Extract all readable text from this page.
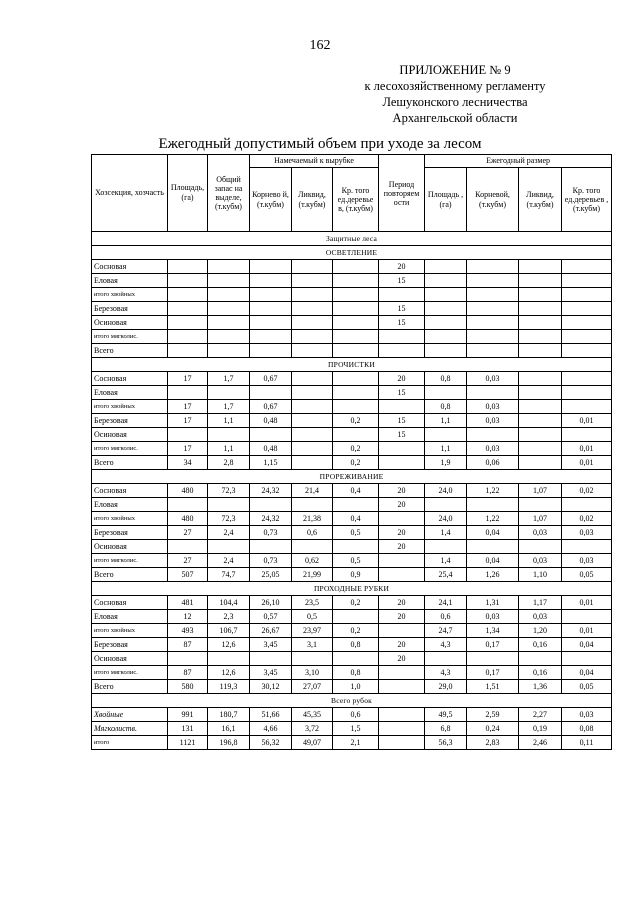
162
ПРИЛОЖЕНИЕ № 9
к лесохозяйственному регламенту
Лешуконского лесничества
Архангельской области
Ежегодный допустимый объем при уходе за лесом
Хозсекция, хозчасть	Площадь, (га)	Общий запас на выделе, (т.кубм)	Намечаемый к вырубке			Период повторяем ости	Ежегодный размер			
			Корнево й, (т.кубм)	Ликвид, (т.кубм)	Кр. того ед.деревье в, (т.кубм)		Площадь , (га)	Корневой, (т.кубм)	Ликвид, (т.кубм)	Кр. того ед.деревьев , (т.кубм)
Защитные леса										
ОСВЕТЛЕНИЕ										
Сосновая						20				
Еловая						15				
итого хвойных										
Березовая						15				
Осиновая						15				
итого мягколис.										
Всего										
ПРОЧИСТКИ										
Сосновая	17	1,7	0,67			20	0,8	0,03		
Еловая						15				
итого хвойных	17	1,7	0,67				0,8	0,03		
Березовая	17	1,1	0,48		0,2	15	1,1	0,03		0,01
Осиновая						15				
итого мягколис.	17	1,1	0,48		0,2		1,1	0,03		0,01
Всего	34	2,8	1,15		0,2		1,9	0,06		0,01
ПРОРЕЖИВАНИЕ										
Сосновая	480	72,3	24,32	21,4	0,4	20	24,0	1,22	1,07	0,02
Еловая						20				
итого хвойных	480	72,3	24,32	21,38	0,4		24,0	1,22	1,07	0,02
Березовая	27	2,4	0,73	0,6	0,5	20	1,4	0,04	0,03	0,03
Осиновая						20				
итого мягколис.	27	2,4	0,73	0,62	0,5		1,4	0,04	0,03	0,03
Всего	507	74,7	25,05	21,99	0,9		25,4	1,26	1,10	0,05
ПРОХОДНЫЕ РУБКИ										
Сосновая	481	104,4	26,10	23,5	0,2	20	24,1	1,31	1,17	0,01
Еловая	12	2,3	0,57	0,5		20	0,6	0,03	0,03	
итого хвойных	493	106,7	26,67	23,97	0,2		24,7	1,34	1,20	0,01
Березовая	87	12,6	3,45	3,1	0,8	20	4,3	0,17	0,16	0,04
Осиновая						20				
итого мягколис.	87	12,6	3,45	3,10	0,8		4,3	0,17	0,16	0,04
Всего	580	119,3	30,12	27,07	1,0		29,0	1,51	1,36	0,05
Всего рубок										
Хвойные	991	180,7	51,66	45,35	0,6		49,5	2,59	2,27	0,03
Мягколиств.	131	16,1	4,66	3,72	1,5		6,8	0,24	0,19	0,08
итого	1121	196,8	56,32	49,07	2,1		56,3	2,83	2,46	0,11
